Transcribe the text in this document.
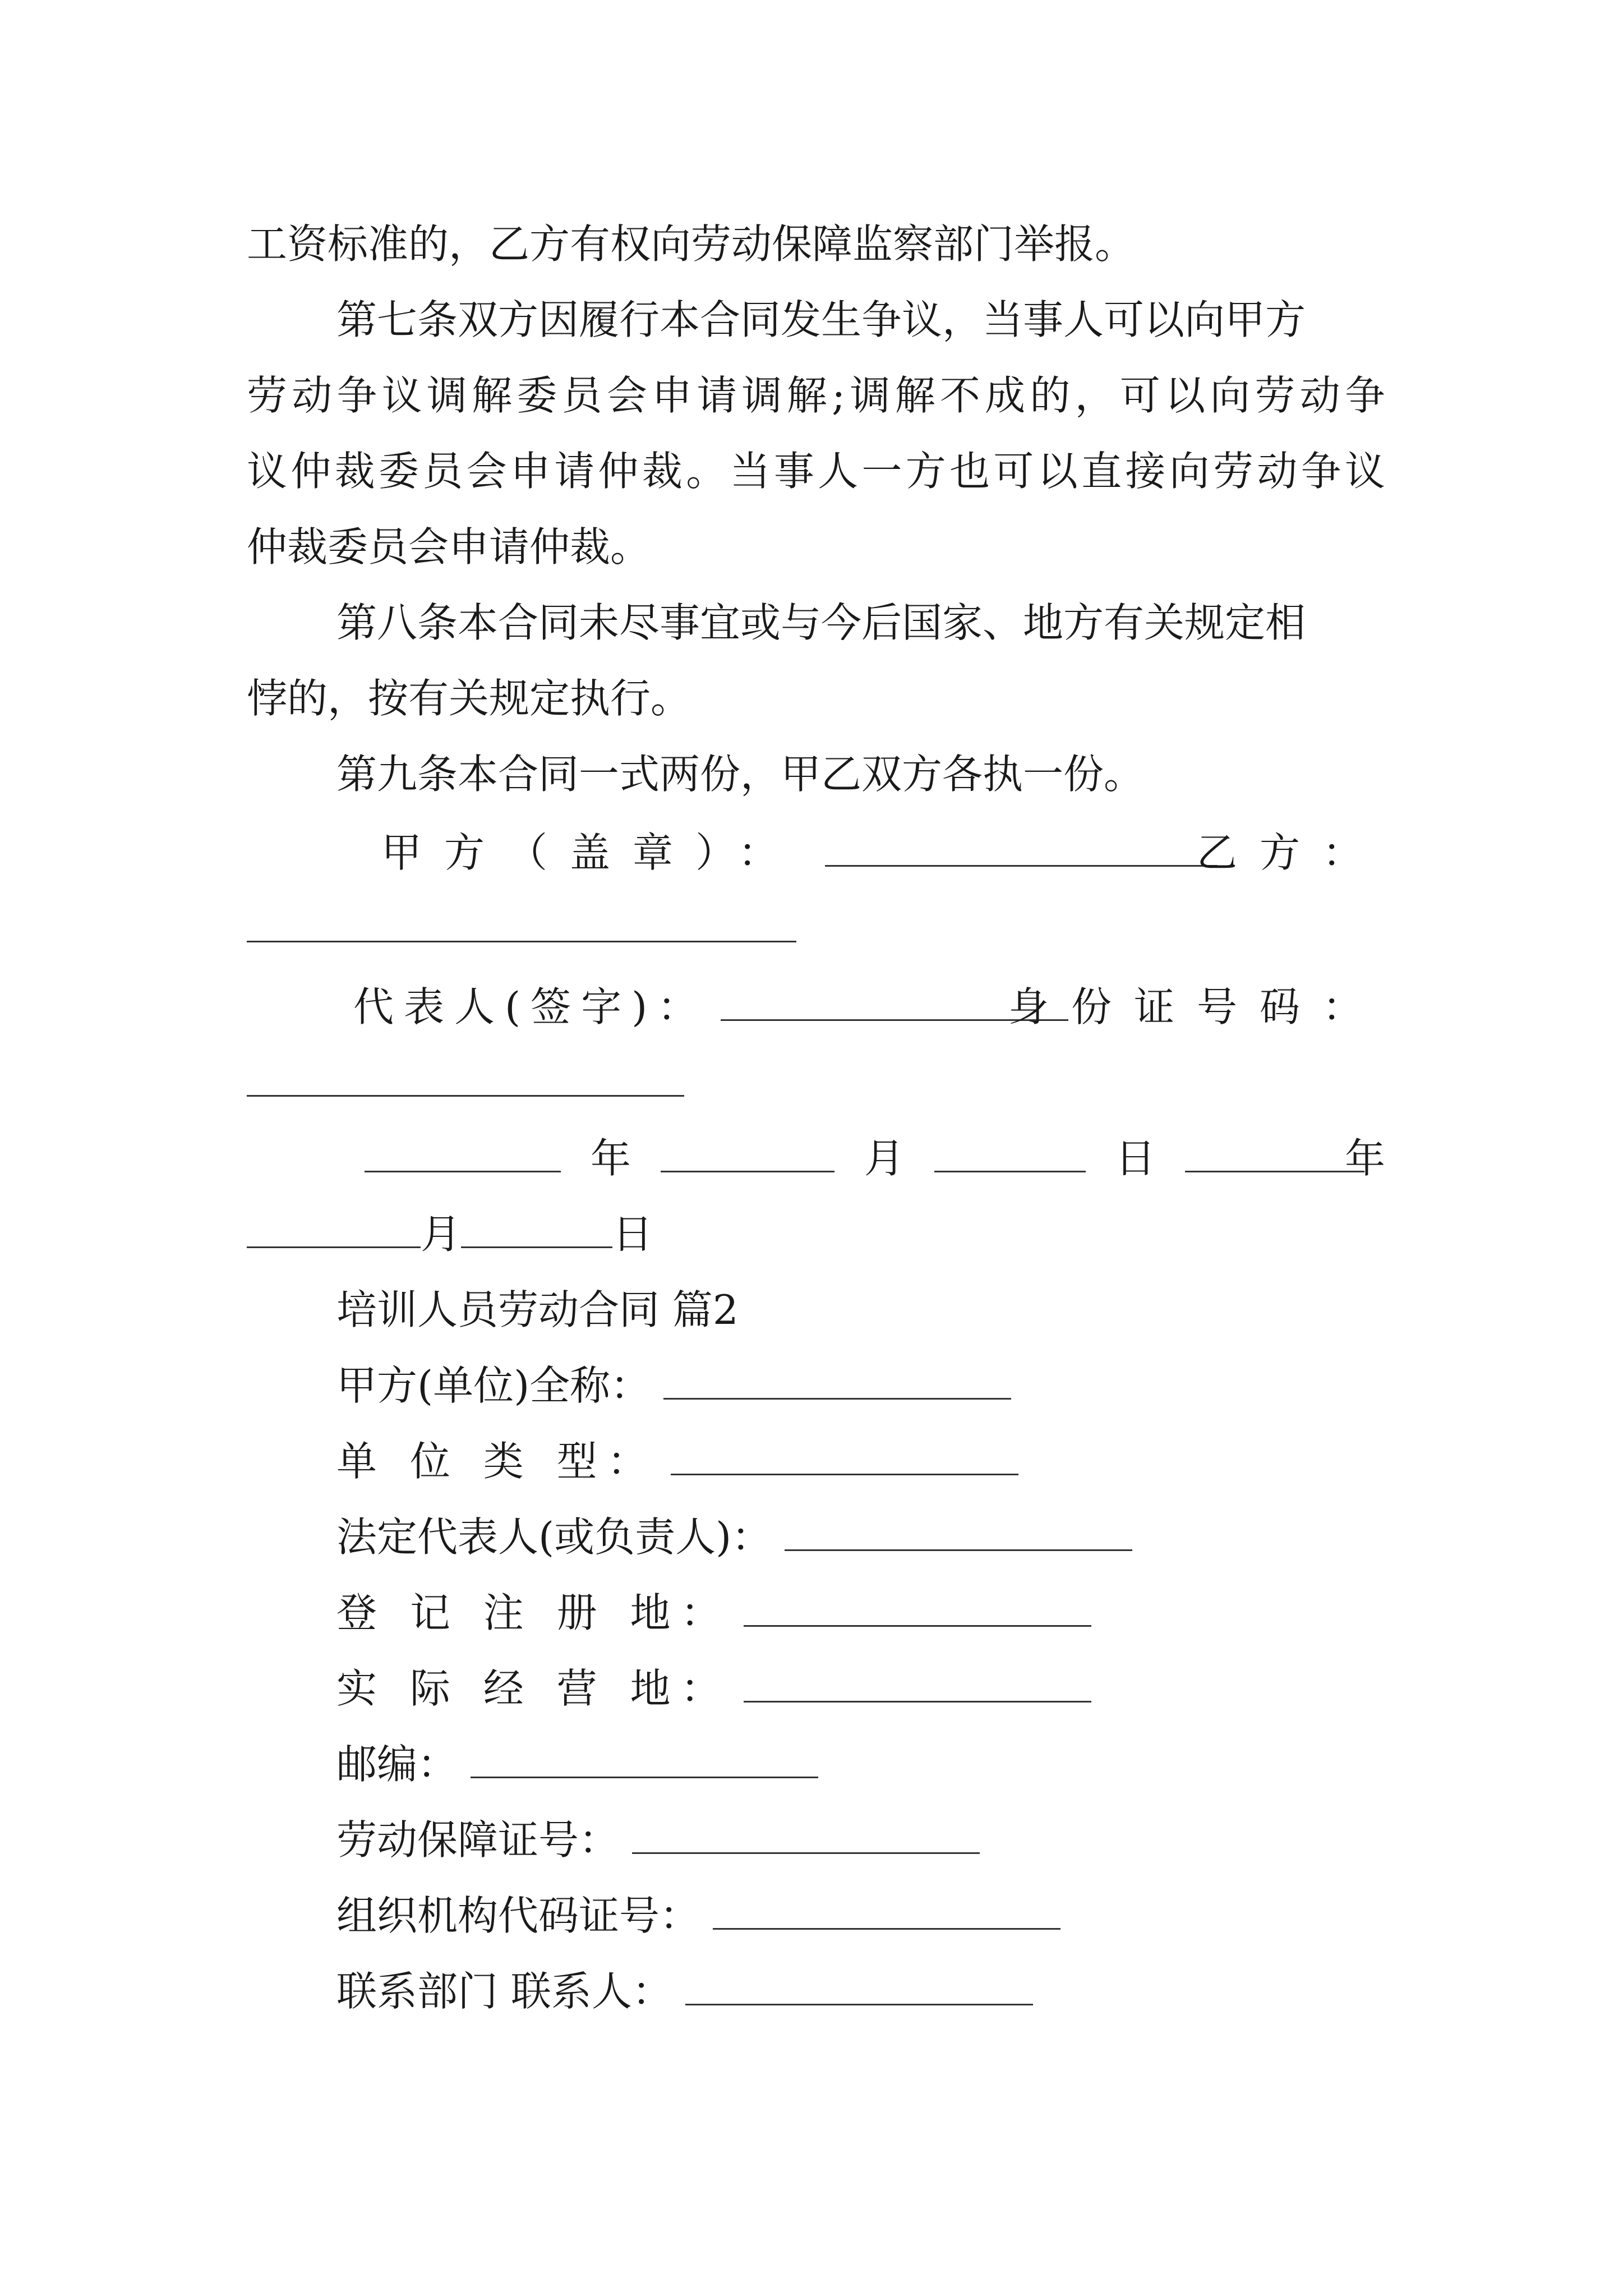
工资标准的，乙方有权向劳动保障监察部门举报。
第七条双方因履行本合同发生争议，当事人可以向甲方
劳动争议调解委员会申请调解;调解不成的，可以向劳动争
议仲裁委员会申请仲裁。当事人一方也可以直接向劳动争议
仲裁委员会申请仲裁。
第八条本合同未尽事宜或与今后国家、地方有关规定相
悖的，按有关规定执行。
第九条本合同一式两份，甲乙双方各执一份。
甲方（盖章）：	乙方：
代表人(签字)：	身份证号码：
年	月	日	年
月	日
培训人员劳动合同 篇2
甲方(单位)全称：
单 位 类 型：
法定代表人(或负责人)：
登 记 注 册 地：
实 际 经 营 地：
邮编：
劳动保障证号：
组织机构代码证号：
联系部门 联系人：
